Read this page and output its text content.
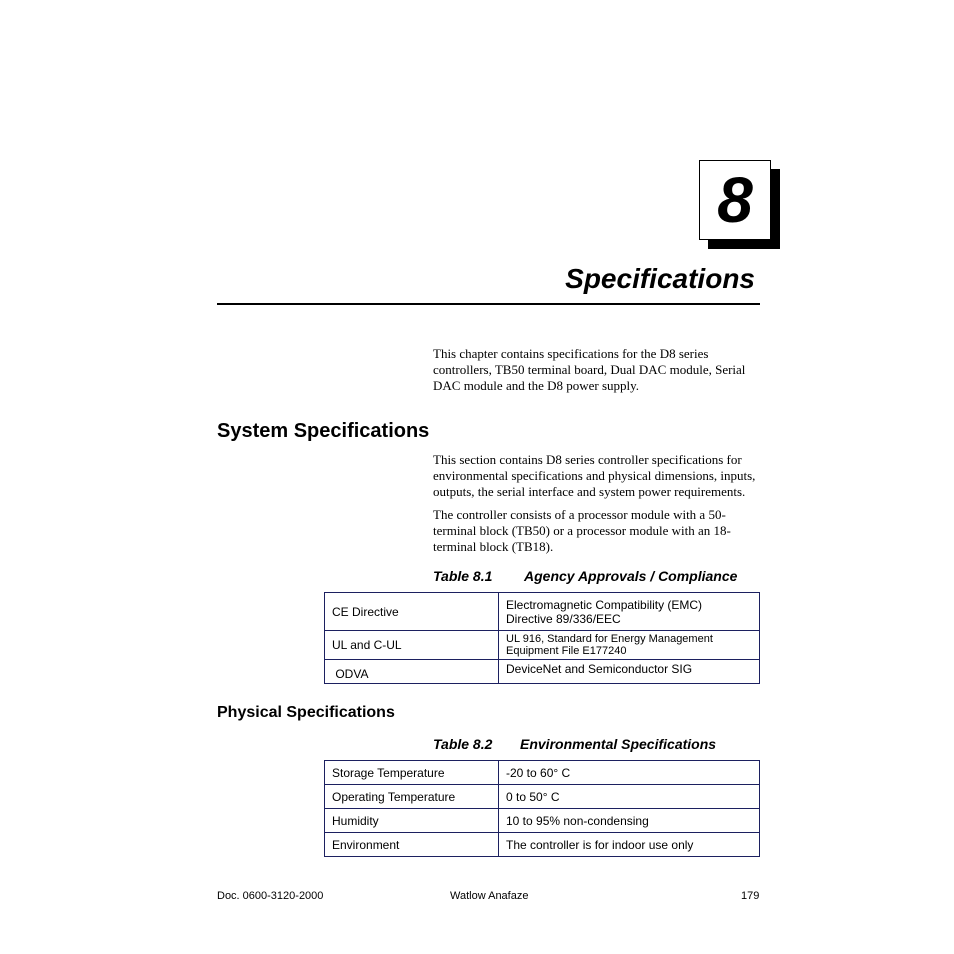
8
Specifications
This chapter contains specifications for the D8 series controllers, TB50 terminal board, Dual DAC module, Serial DAC module and the D8 power supply.
System Specifications
This section contains D8 series controller specifications for environmental specifications and physical dimensions, inputs, outputs, the serial interface and system power requirements.
The controller consists of a processor module with a 50-terminal block (TB50) or a processor module with an 18-terminal block (TB18).
Table 8.1 Agency Approvals / Compliance
CE Directive	Electromagnetic Compatibility (EMC) Directive 89/336/EEC
UL and C-UL	UL 916, Standard for Energy Management Equipment File E177240
ODVA	DeviceNet and Semiconductor SIG
Physical Specifications
Table 8.2 Environmental Specifications
Storage Temperature	-20 to 60° C
Operating Temperature	0 to 50° C
Humidity	10 to 95% non-condensing
Environment	The controller is for indoor use only
Doc. 0600-3120-2000	Watlow Anafaze	179
